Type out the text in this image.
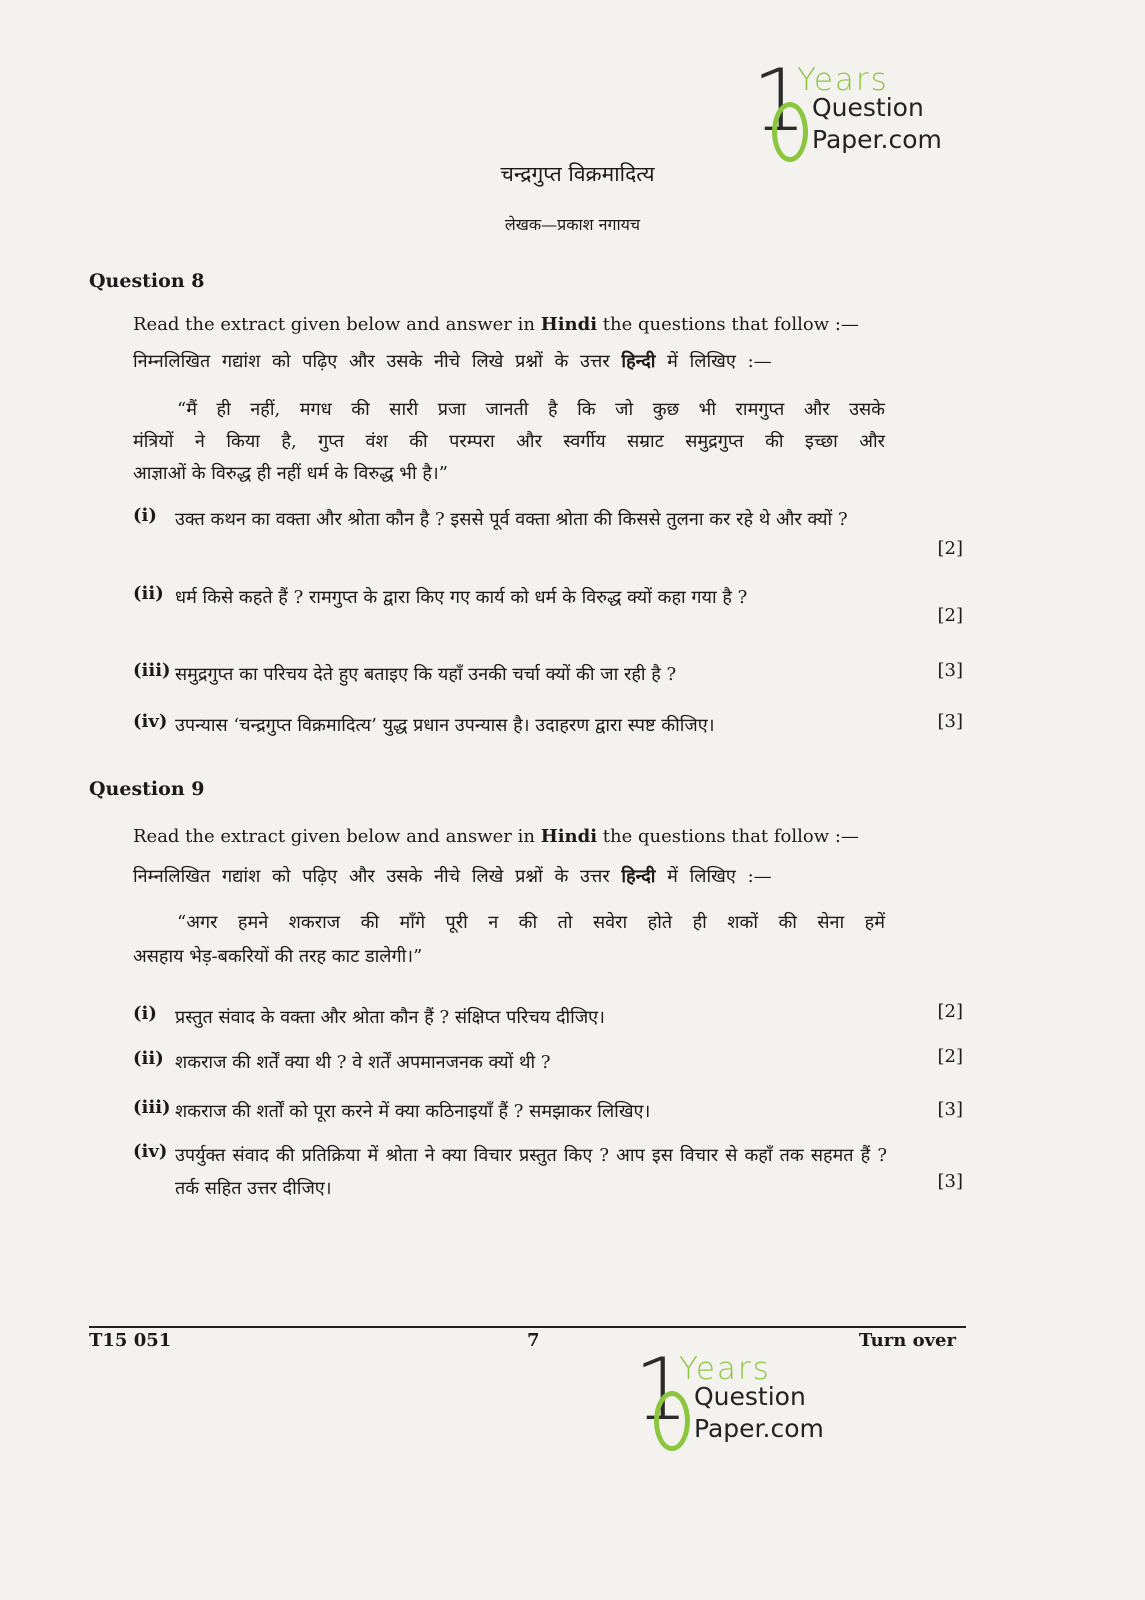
1
Years
Question
Paper.com
चन्द्रगुप्त विक्रमादित्य
लेखक—प्रकाश नगायच
Question 8
Read the extract given below and answer in Hindi the questions that follow :—
निम्नलिखित गद्यांश को पढ़िए और उसके नीचे लिखे प्रश्नों के उत्तर हिन्दी में लिखिए :—
“मैं ही नहीं, मगध की सारी प्रजा जानती है कि जो कुछ भी रामगुप्त और उसके
मंत्रियों ने किया है, गुप्त वंश की परम्परा और स्वर्गीय सम्राट समुद्रगुप्त की इच्छा और
आज्ञाओं के विरुद्ध ही नहीं धर्म के विरुद्ध भी है।”
(i) उक्त कथन का वक्ता और श्रोता कौन है ? इससे पूर्व वक्ता श्रोता की किससे तुलना कर रहे थे और क्यों ?
[2]
(ii) धर्म किसे कहते हैं ? रामगुप्त के द्वारा किए गए कार्य को धर्म के विरुद्ध क्यों कहा गया है ?
[2]
(iii) समुद्रगुप्त का परिचय देते हुए बताइए कि यहाँ उनकी चर्चा क्यों की जा रही है ?	[3]
(iv) उपन्यास ‘चन्द्रगुप्त विक्रमादित्य’ युद्ध प्रधान उपन्यास है। उदाहरण द्वारा स्पष्ट कीजिए।	[3]
Question 9
Read the extract given below and answer in Hindi the questions that follow :—
निम्नलिखित गद्यांश को पढ़िए और उसके नीचे लिखे प्रश्नों के उत्तर हिन्दी में लिखिए :—
“अगर हमने शकराज की माँगे पूरी न की तो सवेरा होते ही शकों की सेना हमें
असहाय भेड़-बकरियों की तरह काट डालेगी।”
(i) प्रस्तुत संवाद के वक्ता और श्रोता कौन हैं ? संक्षिप्त परिचय दीजिए।	[2]
(ii) शकराज की शर्तें क्या थी ? वे शर्तें अपमानजनक क्यों थी ?	[2]
(iii) शकराज की शर्तों को पूरा करने में क्या कठिनाइयाँ हैं ? समझाकर लिखिए।	[3]
(iv) उपर्युक्त संवाद की प्रतिक्रिया में श्रोता ने क्या विचार प्रस्तुत किए ? आप इस विचार से कहाँ तक सहमत हैं ? तर्क सहित उत्तर दीजिए।	[3]
T15 051	7	Turn over
1
Years
Question
Paper.com
